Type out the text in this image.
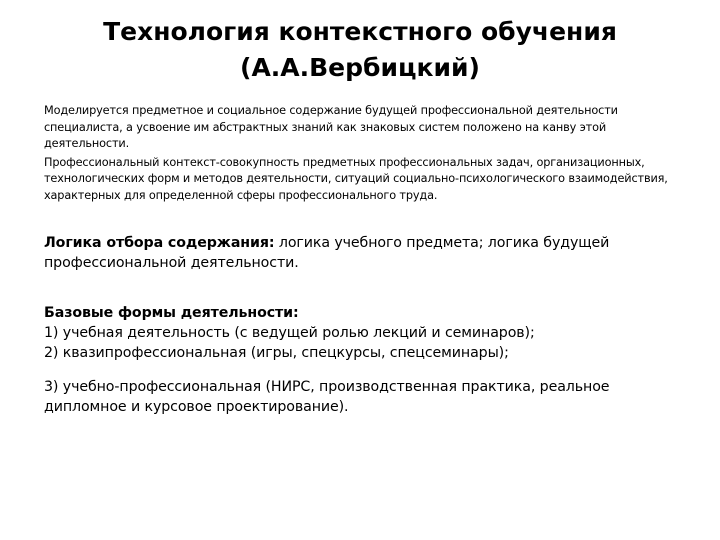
Технология контекстного обучения
(А.А.Вербицкий)

Моделируется предметное и социальное содержание будущей профессиональной деятельности специалиста, а усвоение им абстрактных знаний как знаковых систем положено на канву этой деятельности.

Профессиональный контекст-совокупность предметных профессиональных задач, организационных, технологических форм и методов деятельности, ситуаций социально-психологического взаимодействия, характерных для определенной сферы профессионального труда.

Логика отбора содержания: логика учебного предмета; логика будущей профессиональной деятельности.

Базовые формы деятельности:

1) учебная деятельность (с ведущей ролью лекций и семинаров);

2) квазипрофессиональная (игры, спецкурсы, спецсеминары);

3) учебно-профессиональная (НИРС, производственная практика, реальное дипломное и курсовое проектирование).
